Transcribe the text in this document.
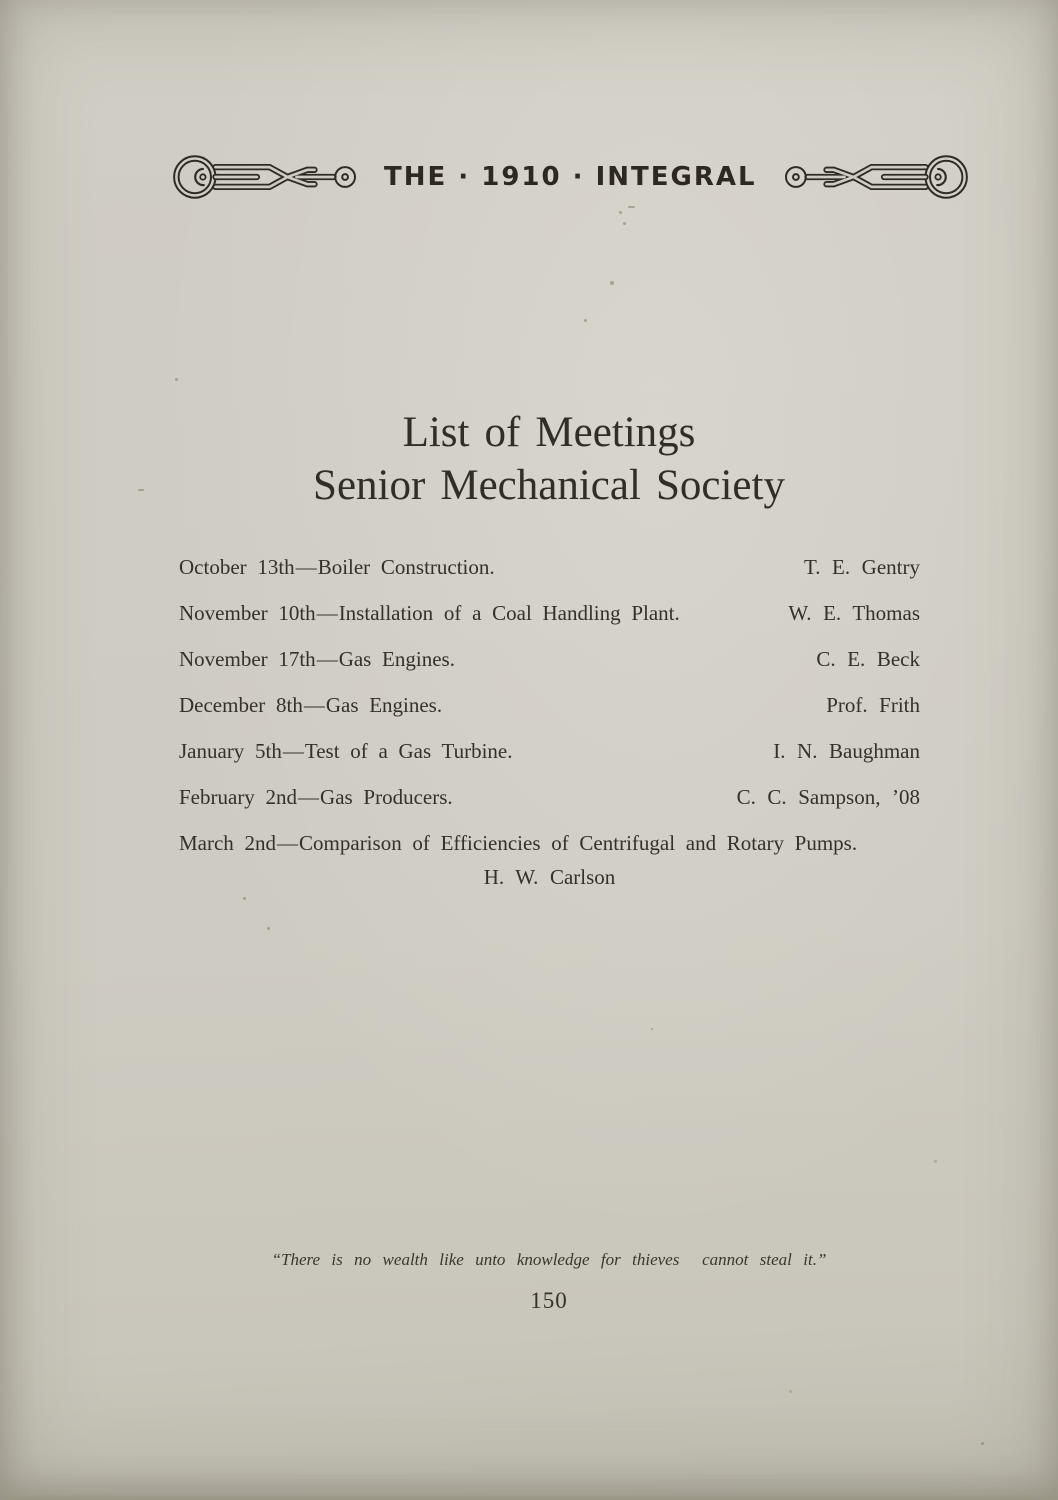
THE · 1910 · INTEGRAL
List of Meetings
Senior Mechanical Society
October 13th—Boiler Construction.	T. E. Gentry
November 10th—Installation of a Coal Handling Plant.	W. E. Thomas
November 17th—Gas Engines.	C. E. Beck
December 8th—Gas Engines.	Prof. Frith
January 5th—Test of a Gas Turbine.	I. N. Baughman
February 2nd—Gas Producers.	C. C. Sampson, ’08
March 2nd—Comparison of Efficiencies of Centrifugal and Rotary Pumps.
H. W. Carlson
“There is no wealth like unto knowledge for thieves  cannot steal it.”
150
